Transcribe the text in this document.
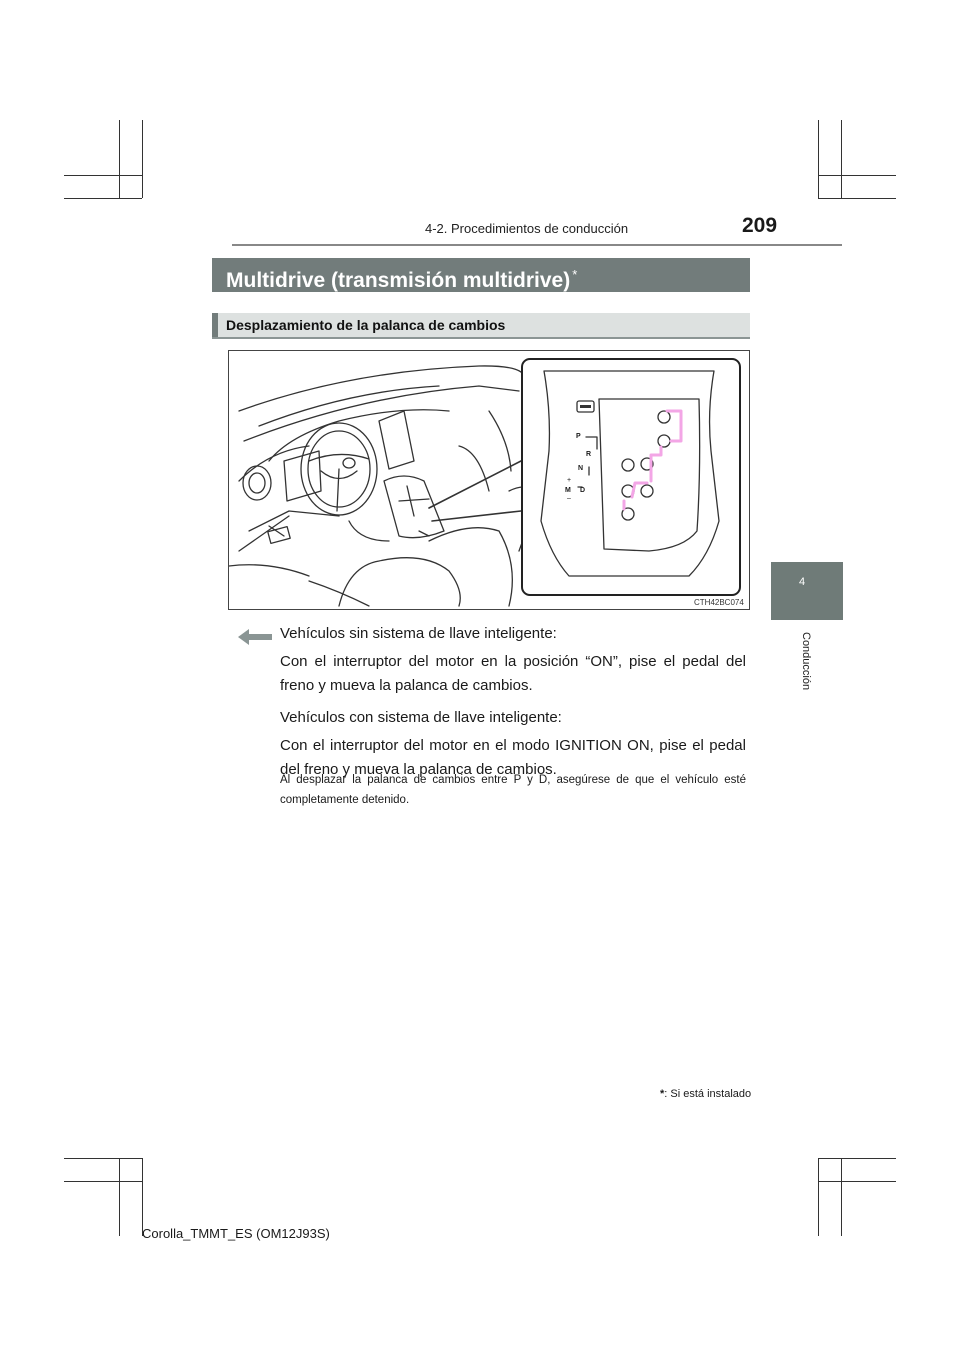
4-2. Procedimientos de conducción	209
4
Conducción
Multidrive (transmisión multidrive) *
Desplazamiento de la palanca de cambios
P
R
N
+
M D
–
CTH42BC074
Vehículos sin sistema de llave inteligente:
Con el interruptor del motor en la posición “ON”, pise el pedal del freno y mueva la palanca de cambios.
Vehículos con sistema de llave inteligente:
Con el interruptor del motor en el modo IGNITION ON, pise el pedal del freno y mueva la palanca de cambios.
Al desplazar la palanca de cambios entre P y D, asegúrese de que el vehículo esté completamente detenido.
*: Si está instalado
Corolla_TMMT_ES (OM12J93S)
